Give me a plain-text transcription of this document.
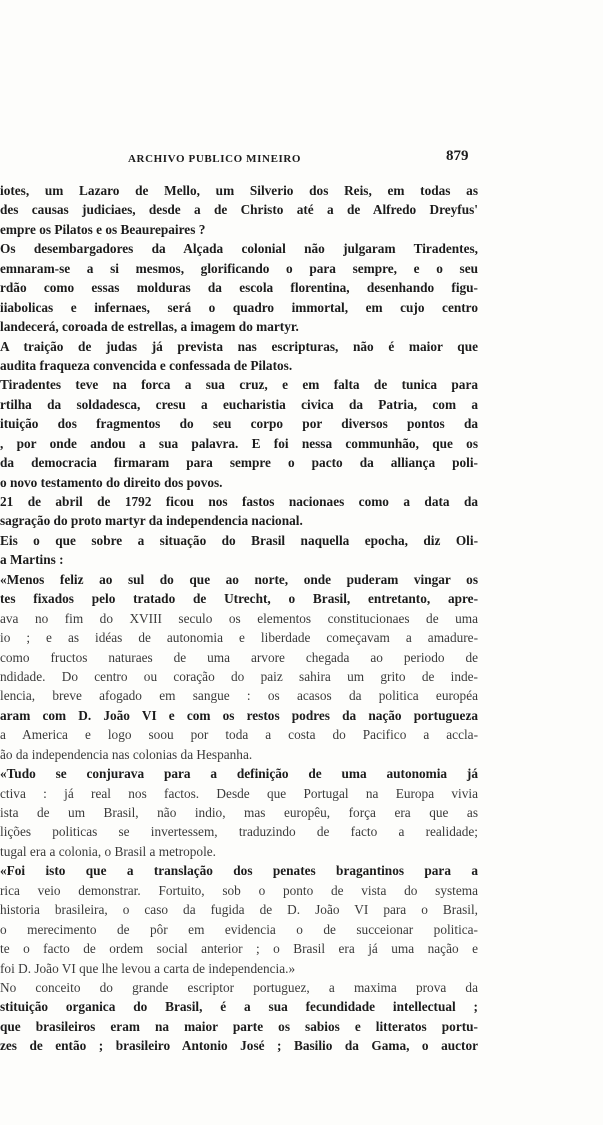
ARCHIVO PUBLICO MINEIRO	879
iotes, um Lazaro de Mello, um Silverio dos Reis, em todas as
des causas judiciaes, desde a de Christo até a de Alfredo Dreyfus'
empre os Pilatos e os Beaurepaires ?
Os desembargadores da Alçada colonial não julgaram Tiradentes,
emnaram-se a si mesmos, glorificando o para sempre, e o seu
rdão como essas molduras da escola florentina, desenhando figu-
iiabolicas e infernaes, será o quadro immortal, em cujo centro
landecerá, coroada de estrellas, a imagem do martyr.
A traição de judas já prevista nas escripturas, não é maior que
audita fraqueza convencida e confessada de Pilatos.
Tiradentes teve na forca a sua cruz, e em falta de tunica para
rtilha da soldadesca, cresu a eucharistia civica da Patria, com a
ituição dos fragmentos do seu corpo por diversos pontos da
, por onde andou a sua palavra. E foi nessa communhão, que os
da democracia firmaram para sempre o pacto da alliança poli-
o novo testamento do direito dos povos.
21 de abril de 1792 ficou nos fastos nacionaes como a data da
sagração do proto martyr da independencia nacional.
Eis o que sobre a situação do Brasil naquella epocha, diz Oli-
a Martins :
«Menos feliz ao sul do que ao norte, onde puderam vingar os
tes fixados pelo tratado de Utrecht, o Brasil, entretanto, apre-
ava no fim do XVIII seculo os elementos constitucionaes de uma
io ; e as idéas de autonomia e liberdade começavam a amadure-
como fructos naturaes de uma arvore chegada ao periodo de
ndidade. Do centro ou coração do paiz sahira um grito de inde-
lencia, breve afogado em sangue : os acasos da politica européa
aram com D. João VI e com os restos podres da nação portugueza
a America e logo soou por toda a costa do Pacifico a accla-
ão da independencia nas colonias da Hespanha.
«Tudo se conjurava para a definição de uma autonomia já
ctiva : já real nos factos. Desde que Portugal na Europa vivia
ista de um Brasil, não indio, mas europêu, força era que as
lições politicas se invertessem, traduzindo de facto a realidade;
tugal era a colonia, o Brasil a metropole.
«Foi isto que a translação dos penates bragantinos para a
rica veio demonstrar. Fortuito, sob o ponto de vista do systema
historia brasileira, o caso da fugida de D. João VI para o Brasil,
o merecimento de pôr em evidencia o de succeionar politica-
te o facto de ordem social anterior ; o Brasil era já uma nação e
foi D. João VI que lhe levou a carta de independencia.»
No conceito do grande escriptor portuguez, a maxima prova da
stituição organica do Brasil, é a sua fecundidade intellectual ;
que brasileiros eram na maior parte os sabios e litteratos portu-
zes de então ; brasileiro Antonio José ; Basilio da Gama, o auctor
